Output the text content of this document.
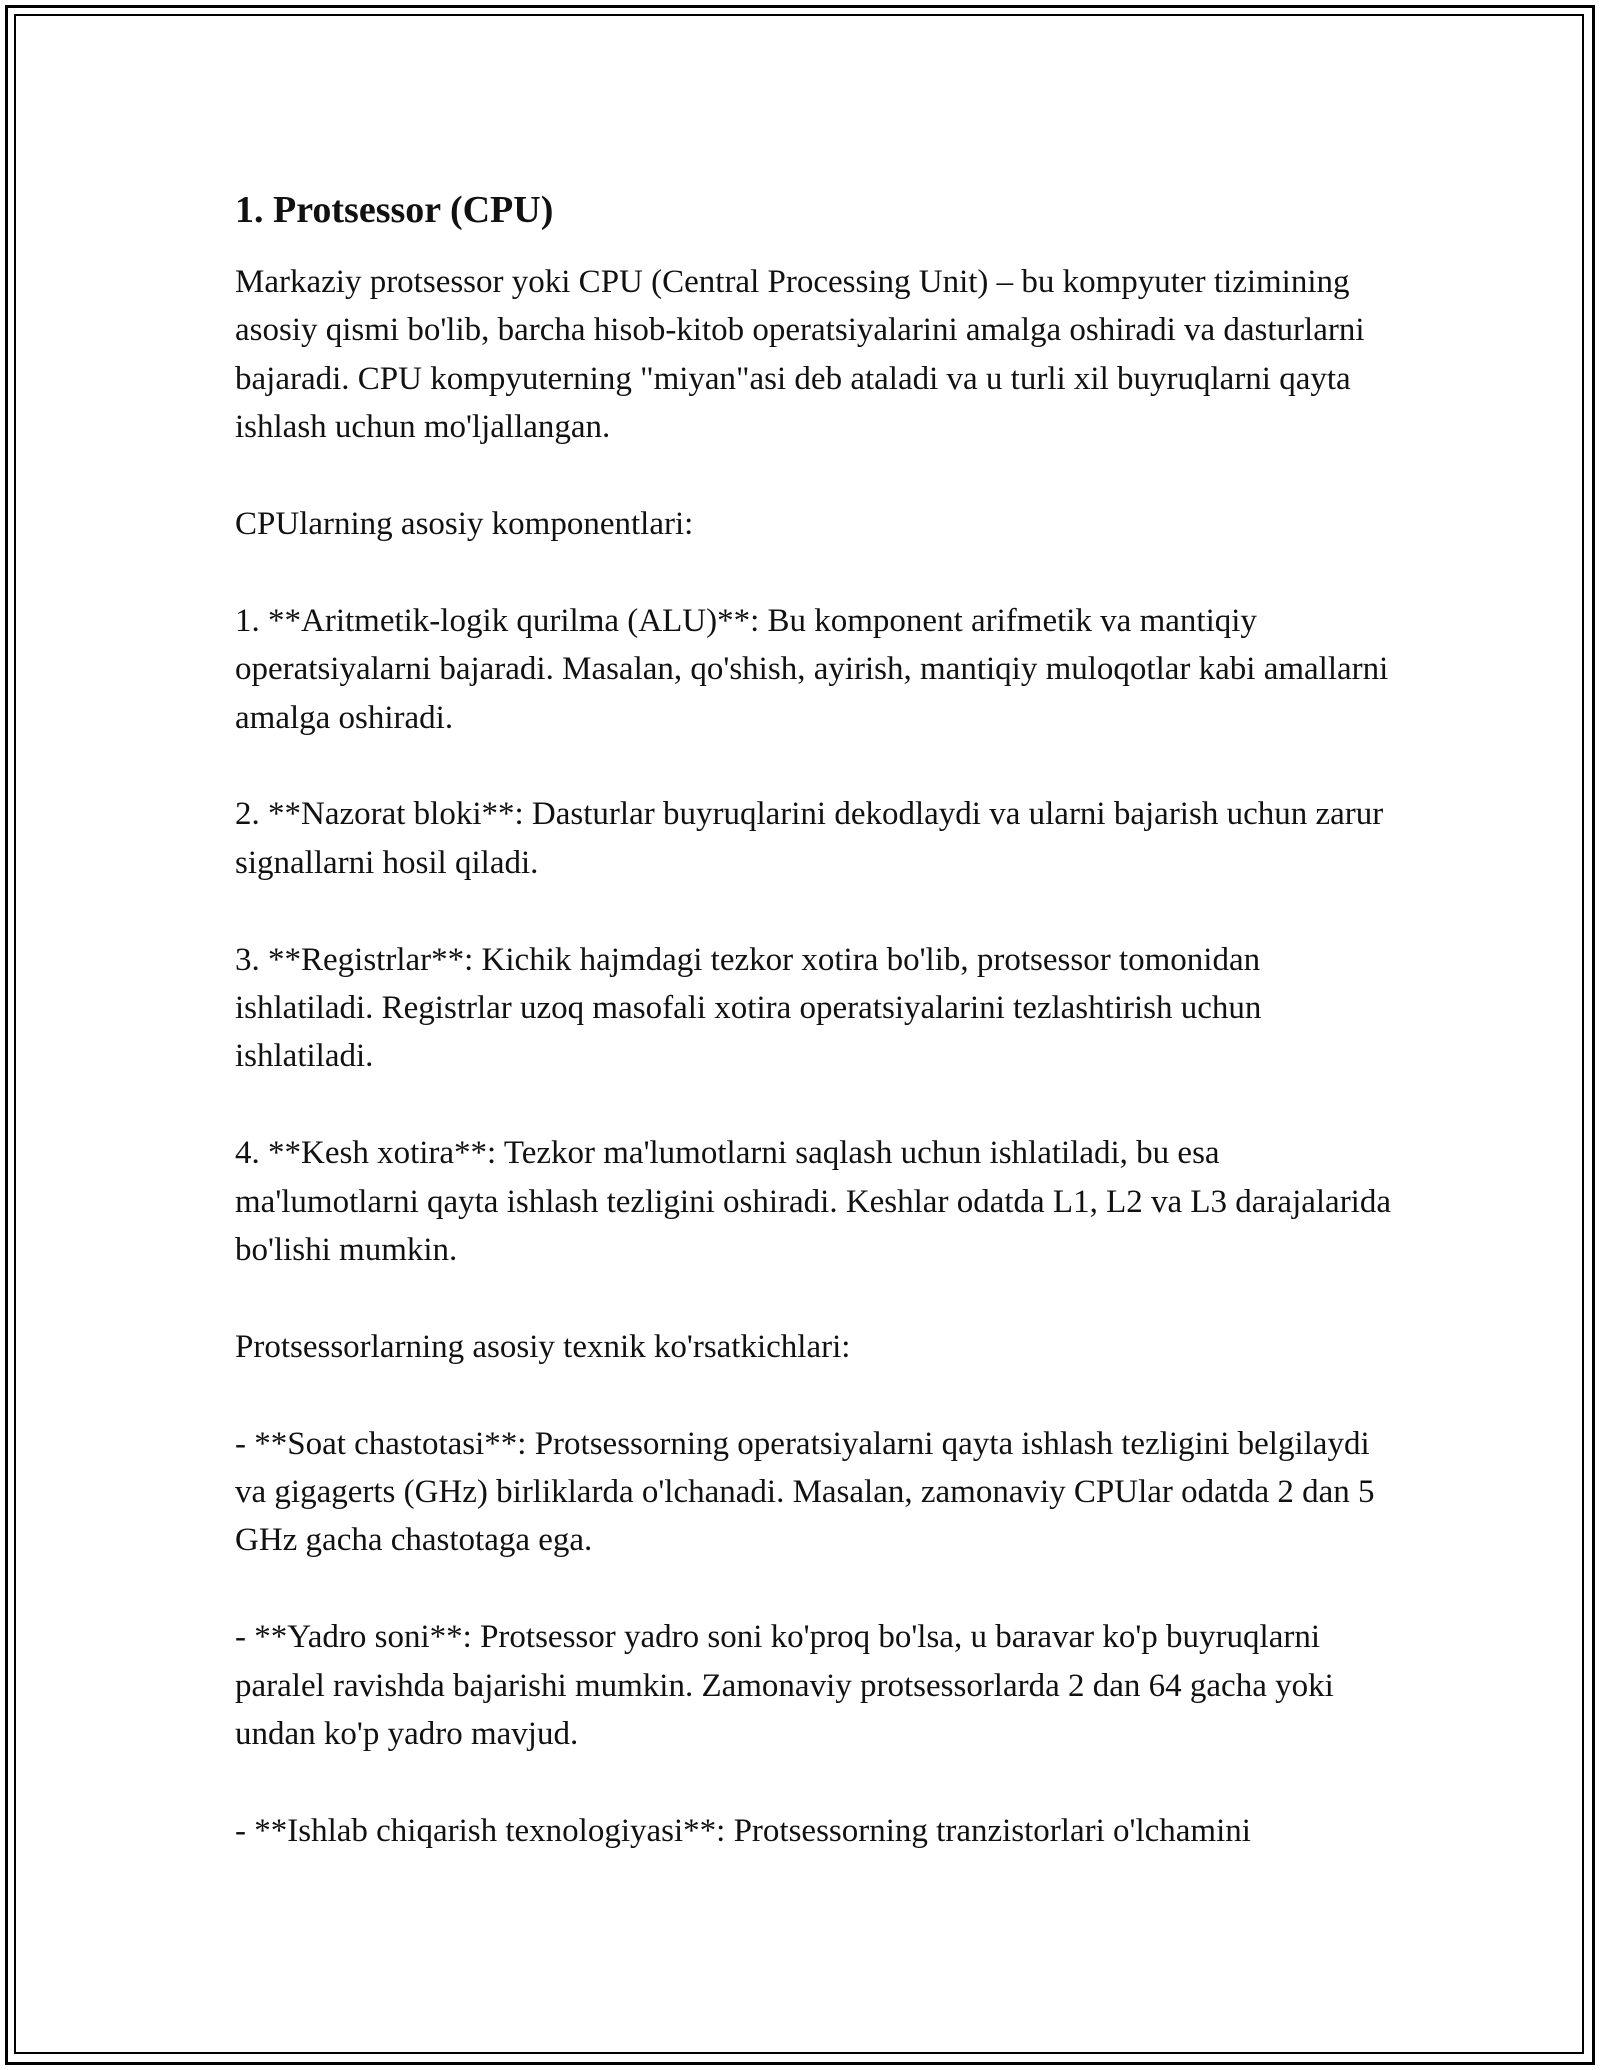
1. Protsessor (CPU)
Markaziy protsessor yoki CPU (Central Processing Unit) – bu kompyuter tizimining asosiy qismi bo'lib, barcha hisob-kitob operatsiyalarini amalga oshiradi va dasturlarni bajaradi. CPU kompyuterning "miyan"asi deb ataladi va u turli xil buyruqlarni qayta ishlash uchun mo'ljallangan.
CPUlarning asosiy komponentlari:
1. **Aritmetik-logik qurilma (ALU)**: Bu komponent arifmetik va mantiqiy operatsiyalarni bajaradi. Masalan, qo'shish, ayirish, mantiqiy muloqotlar kabi amallarni amalga oshiradi.
2. **Nazorat bloki**: Dasturlar buyruqlarini dekodlaydi va ularni bajarish uchun zarur signallarni hosil qiladi.
3. **Registrlar**: Kichik hajmdagi tezkor xotira bo'lib, protsessor tomonidan ishlatiladi. Registrlar uzoq masofali xotira operatsiyalarini tezlashtirish uchun ishlatiladi.
4. **Kesh xotira**: Tezkor ma'lumotlarni saqlash uchun ishlatiladi, bu esa ma'lumotlarni qayta ishlash tezligini oshiradi. Keshlar odatda L1, L2 va L3 darajalarida bo'lishi mumkin.
Protsessorlarning asosiy texnik ko'rsatkichlari:
- **Soat chastotasi**: Protsessorning operatsiyalarni qayta ishlash tezligini belgilaydi va gigagerts (GHz) birliklarda o'lchanadi. Masalan, zamonaviy CPUlar odatda 2 dan 5 GHz gacha chastotaga ega.
- **Yadro soni**: Protsessor yadro soni ko'proq bo'lsa, u baravar ko'p buyruqlarni paralel ravishda bajarishi mumkin. Zamonaviy protsessorlarda 2 dan 64 gacha yoki undan ko'p yadro mavjud.
- **Ishlab chiqarish texnologiyasi**: Protsessorning tranzistorlari o'lchamini
